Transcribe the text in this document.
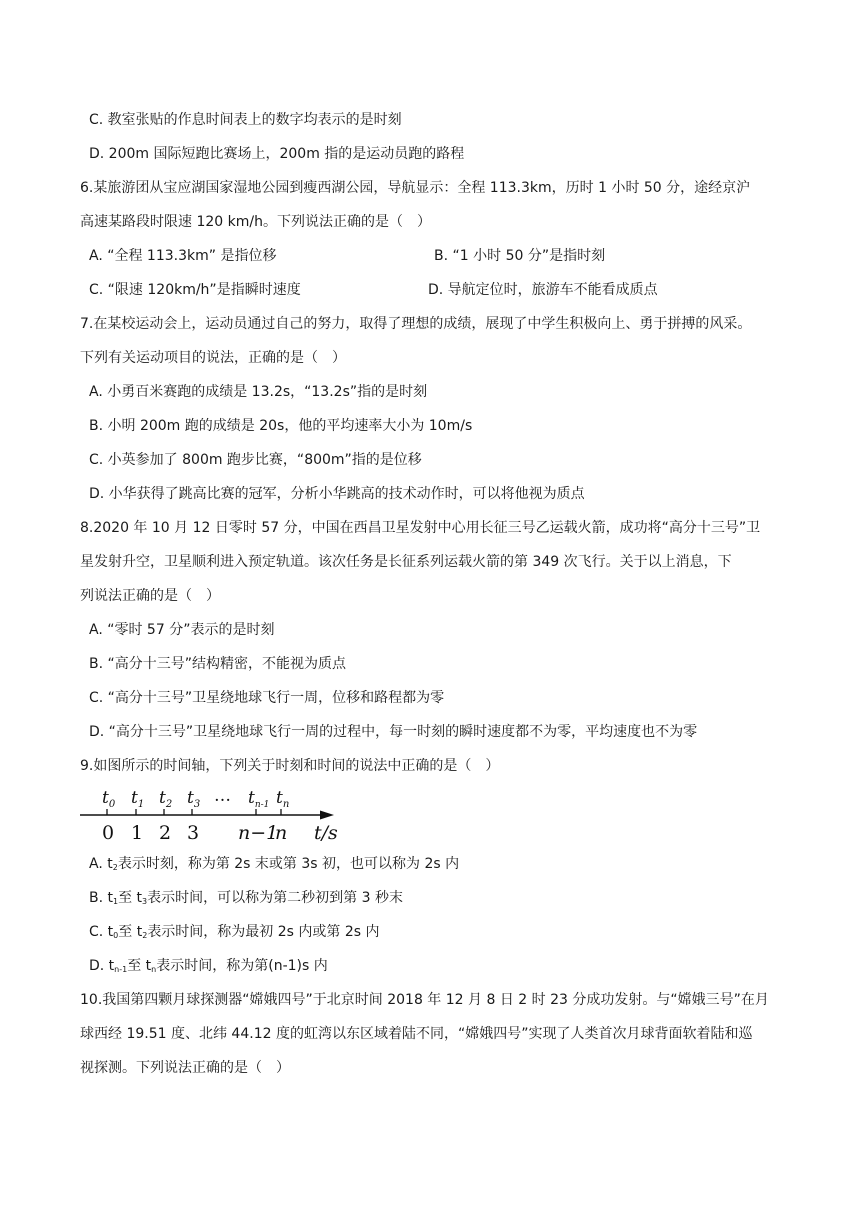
C. 教室张贴的作息时间表上的数字均表示的是时刻
D. 200m 国际短跑比赛场上，200m 指的是运动员跑的路程
6.某旅游团从宝应湖国家湿地公园到瘦西湖公园，导航显示：全程 113.3km，历时 1 小时 50 分，途经京沪
高速某路段时限速 120 km/h。下列说法正确的是（　）
A. “全程 113.3km” 是指位移	B. “1 小时 50 分”是指时刻
C. “限速 120km/h”是指瞬时速度	D. 导航定位时，旅游车不能看成质点
7.在某校运动会上，运动员通过自己的努力，取得了理想的成绩，展现了中学生积极向上、勇于拼搏的风采。
下列有关运动项目的说法，正确的是（　）
A. 小勇百米赛跑的成绩是 13.2s，“13.2s”指的是时刻
B. 小明 200m 跑的成绩是 20s，他的平均速率大小为 10m/s
C. 小英参加了 800m 跑步比赛，“800m”指的是位移
D. 小华获得了跳高比赛的冠军，分析小华跳高的技术动作时，可以将他视为质点
8.2020 年 10 月 12 日零时 57 分，中国在西昌卫星发射中心用长征三号乙运载火箭，成功将“高分十三号”卫
星发射升空，卫星顺利进入预定轨道。该次任务是长征系列运载火箭的第 349 次飞行。关于以上消息，下
列说法正确的是（　）
A. “零时 57 分”表示的是时刻
B. “高分十三号”结构精密，不能视为质点
C. “高分十三号”卫星绕地球飞行一周，位移和路程都为零
D. “高分十三号”卫星绕地球飞行一周的过程中，每一时刻的瞬时速度都不为零，平均速度也不为零
9.如图所示的时间轴，下列关于时刻和时间的说法中正确的是（　）
$t_0$ $t_1$ $t_2$ $t_3$ … $t_{n-1}$ $t_n$
0 1 2 3 n−1
n t/s
A. $t_2$表示时刻，称为第 2s 末或第 3s 初，也可以称为 2s 内
B. $t_1$至 $t_3$表示时间，可以称为第二秒初到第 3 秒末
C. $t_0$至 $t_2$表示时间，称为最初 2s 内或第 2s 内
D. $t_{n-1}$至 $t_n$表示时间，称为第(n-1)s 内
10.我国第四颗月球探测器“嫦娥四号”于北京时间 2018 年 12 月 8 日 2 时 23 分成功发射。与“嫦娥三号”在月
球西经 19.51 度、北纬 44.12 度的虹湾以东区域着陆不同，“嫦娥四号”实现了人类首次月球背面软着陆和巡
视探测。下列说法正确的是（　）
